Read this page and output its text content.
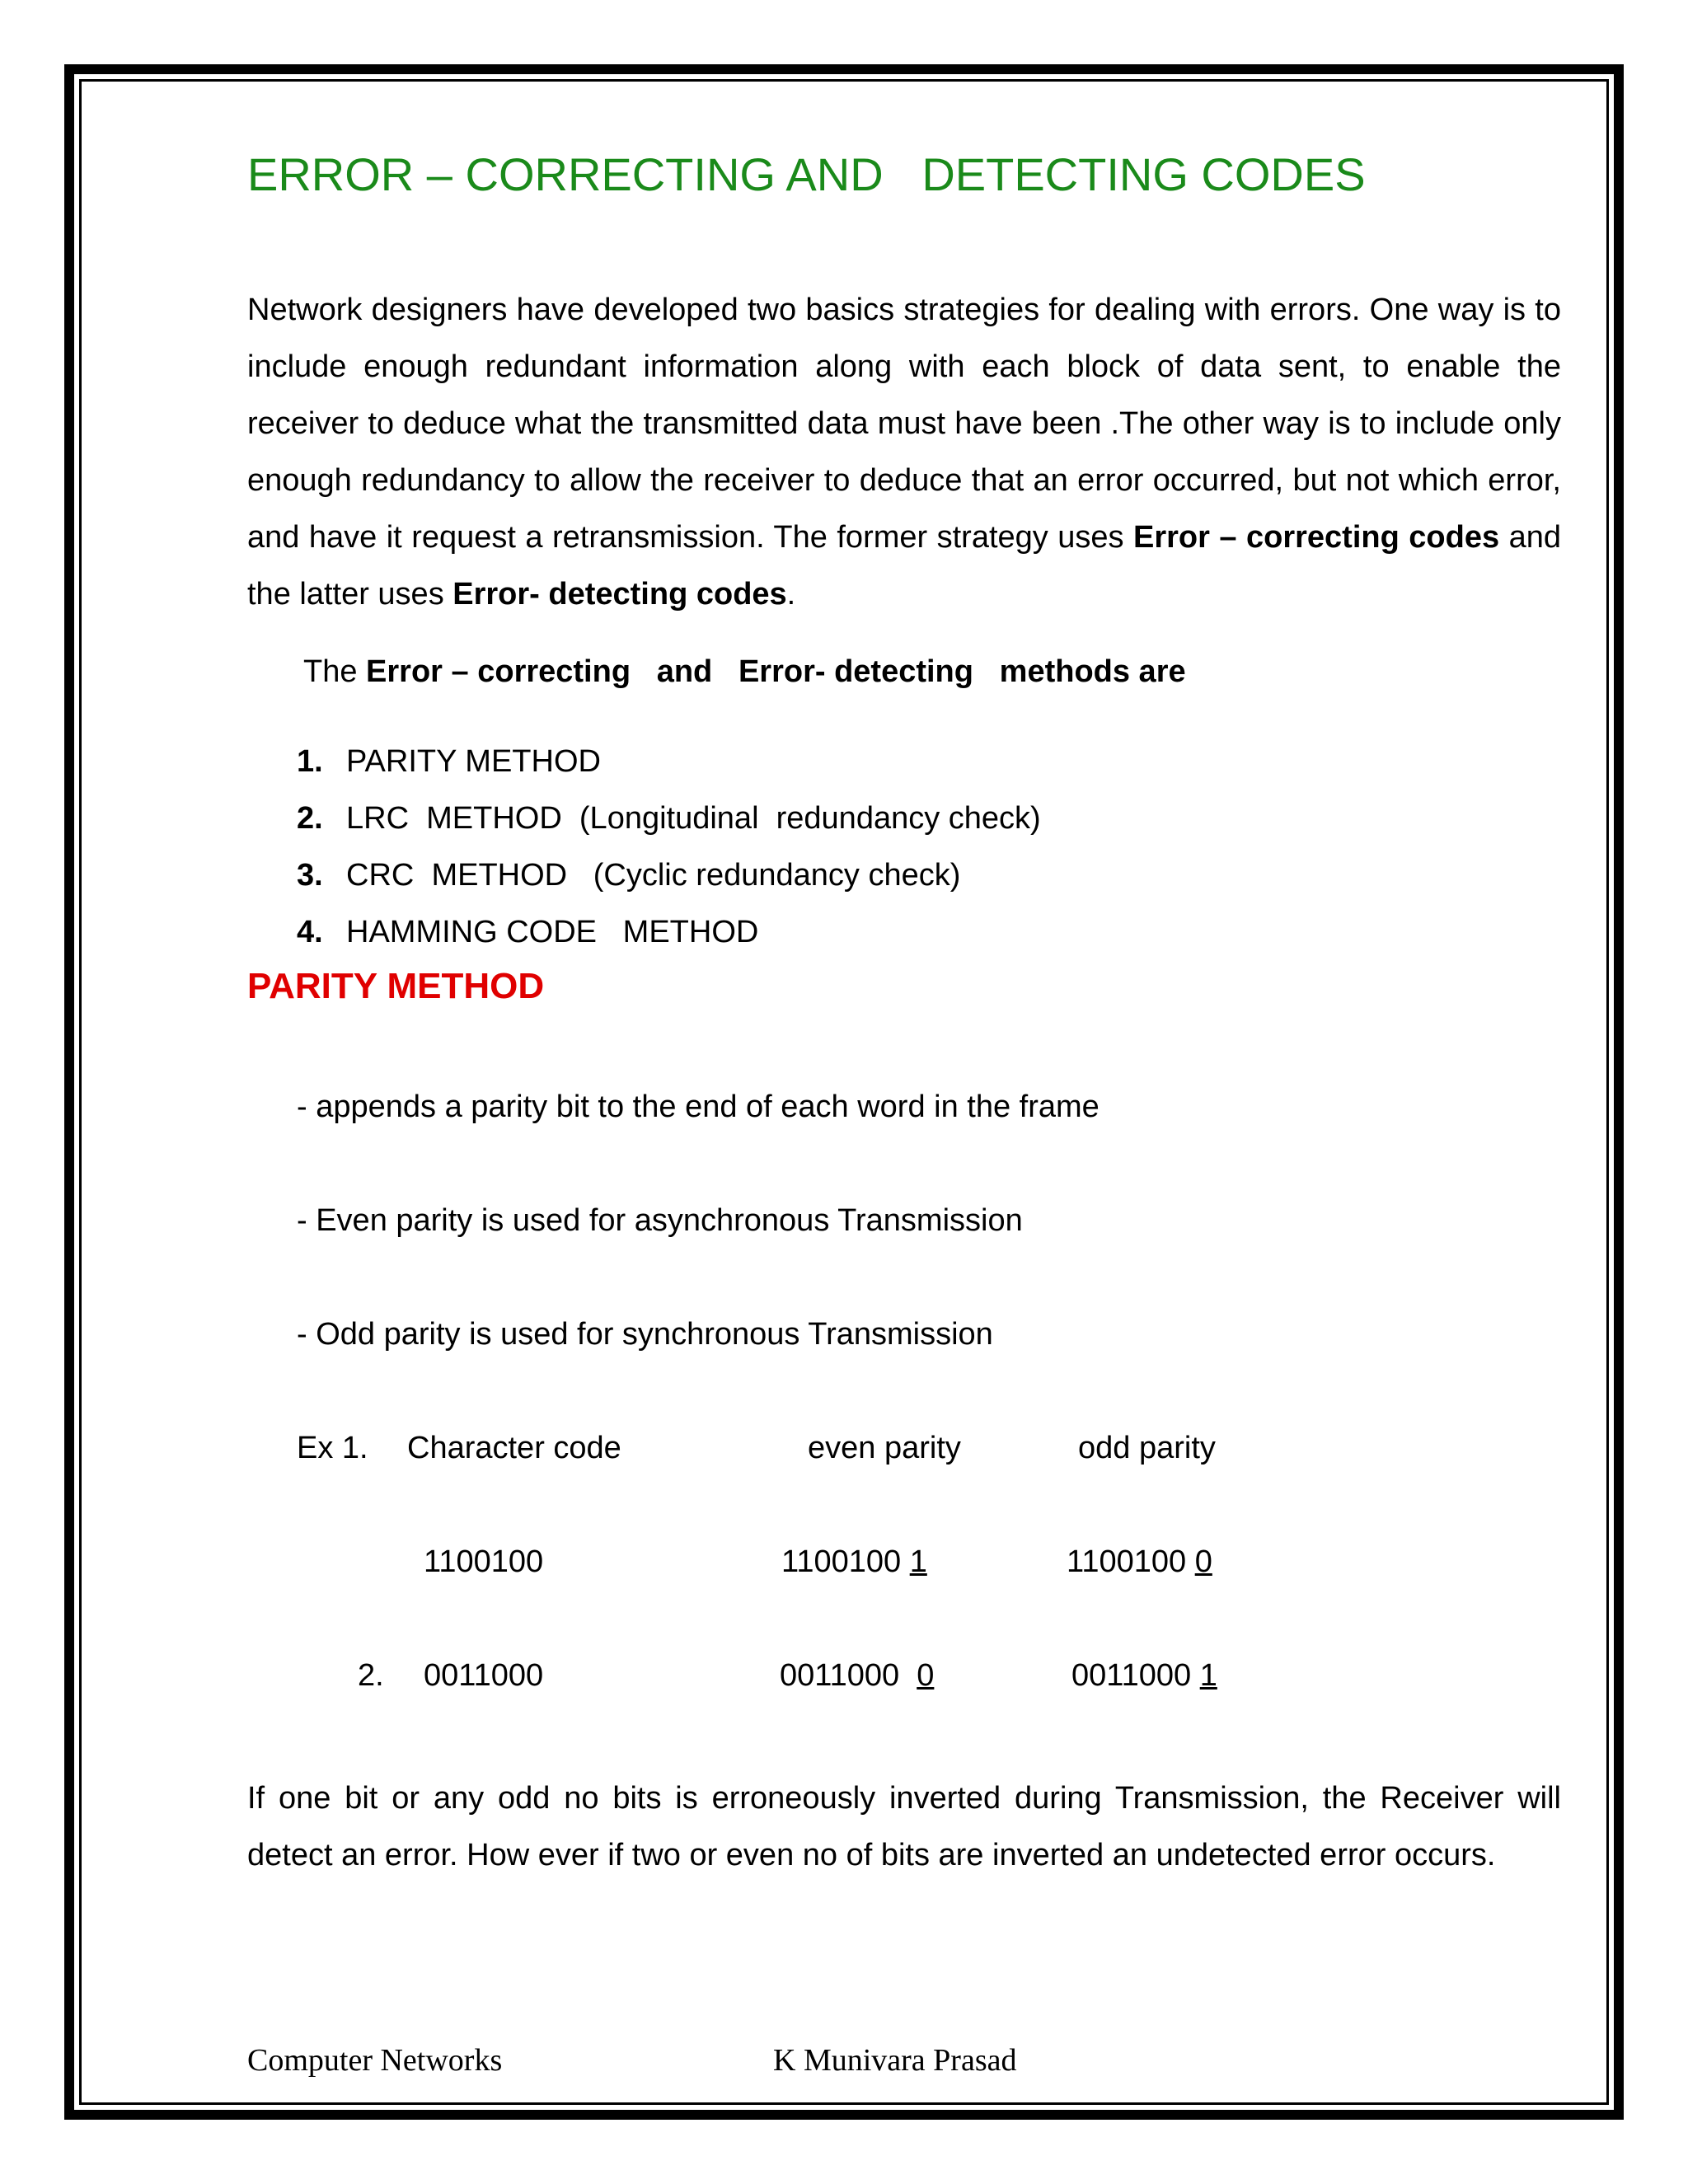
ERROR – CORRECTING AND   DETECTING CODES

Network designers have developed two basics strategies for dealing with errors. One way is to include enough redundant information along with each block of data sent, to enable the receiver to deduce what the transmitted data must have been .The other way is to include only enough redundancy to allow the receiver to deduce that an error occurred, but not which error, and have it request a retransmission. The former strategy uses Error – correcting codes and the latter uses Error- detecting codes.

The Error – correcting   and   Error- detecting   methods are

1. PARITY METHOD
2. LRC  METHOD  (Longitudinal  redundancy check)
3. CRC  METHOD   (Cyclic redundancy check)
4. HAMMING CODE   METHOD
PARITY METHOD

- appends a parity bit to the end of each word in the frame

- Even parity is used for asynchronous Transmission

- Odd parity is used for synchronous Transmission

Ex 1. Character code	even parity	odd parity

1100100	1100100 1	1100100 0

2. 0011000	0011000  0	0011000 1

If one bit or any odd no bits is erroneously inverted during Transmission, the Receiver will detect an error. How ever if two or even no of bits are inverted an undetected error occurs.

Computer Networks	K Munivara Prasad
